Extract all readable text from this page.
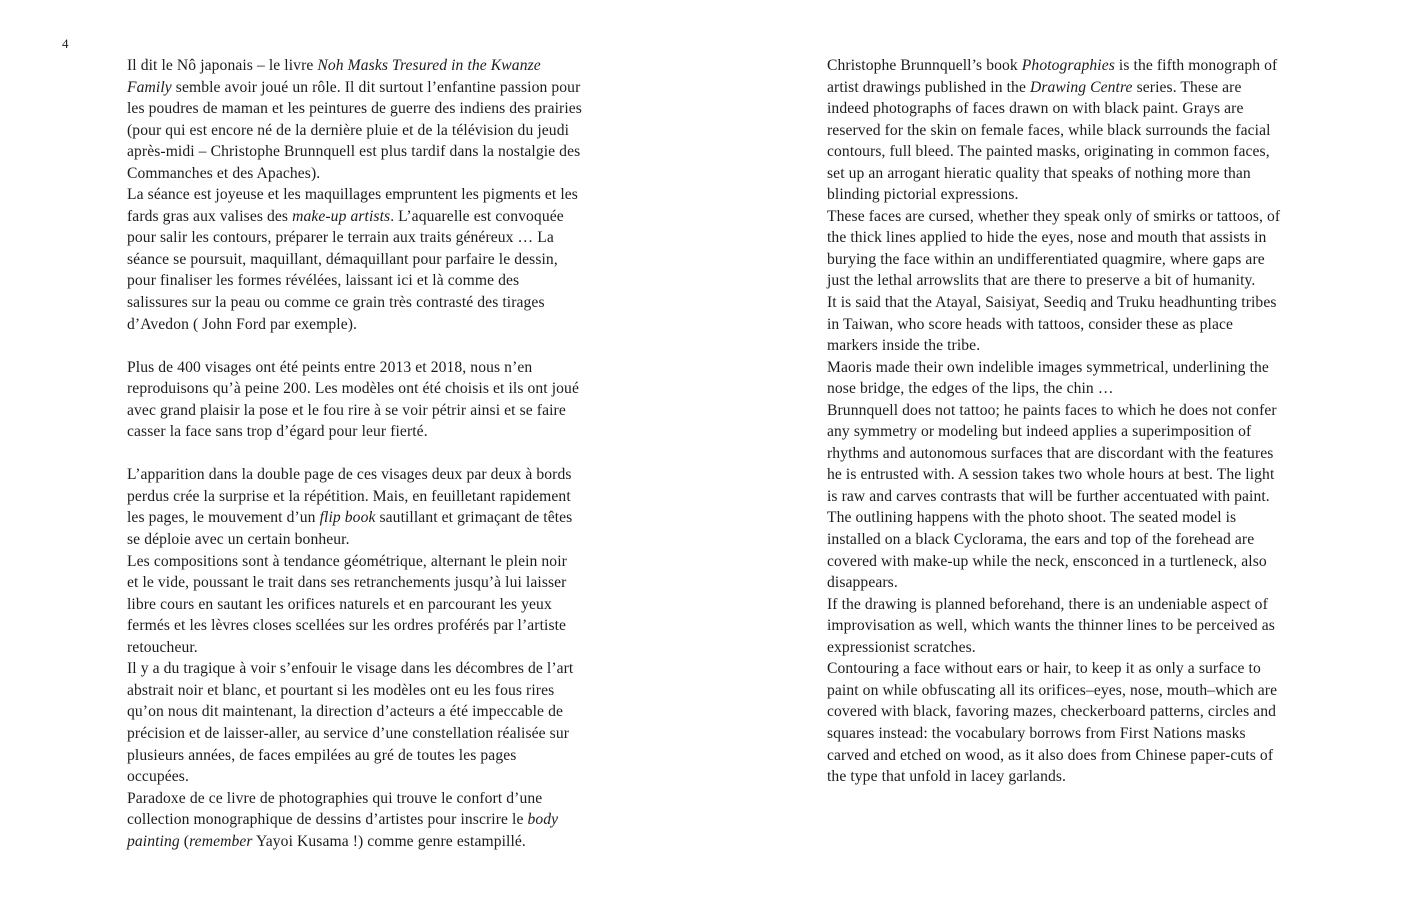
4

Il dit le Nô japonais – le livre Noh Masks Tresured in the Kwanze Family semble avoir joué un rôle. Il dit surtout l’enfantine passion pour les poudres de maman et les peintures de guerre des indiens des prairies (pour qui est encore né de la dernière pluie et de la télévision du jeudi après-midi – Christophe Brunnquell est plus tardif dans la nostalgie des Commanches et des Apaches).

La séance est joyeuse et les maquillages empruntent les pigments et les fards gras aux valises des make-up artists. L’aquarelle est convoquée pour salir les contours, préparer le terrain aux traits généreux … La séance se poursuit, maquillant, démaquillant pour parfaire le dessin, pour finaliser les formes révélées, laissant ici et là comme des salissures sur la peau ou comme ce grain très contrasté des tirages d’Avedon ( John Ford par exemple).

Plus de 400 visages ont été peints entre 2013 et 2018, nous n’en reproduisons qu’à peine 200. Les modèles ont été choisis et ils ont joué avec grand plaisir la pose et le fou rire à se voir pétrir ainsi et se faire casser la face sans trop d’égard pour leur fierté.

L’apparition dans la double page de ces visages deux par deux à bords perdus crée la surprise et la répétition. Mais, en feuilletant rapidement les pages, le mouvement d’un flip book sautillant et grimaçant de têtes se déploie avec un certain bonheur.

Les compositions sont à tendance géométrique, alternant le plein noir et le vide, poussant le trait dans ses retranchements jusqu’à lui laisser libre cours en sautant les orifices naturels et en parcourant les yeux fermés et les lèvres closes scellées sur les ordres proférés par l’artiste retoucheur.

Il y a du tragique à voir s’enfouir le visage dans les décombres de l’art abstrait noir et blanc, et pourtant si les modèles ont eu les fous rires qu’on nous dit maintenant, la direction d’acteurs a été impeccable de précision et de laisser-aller, au service d’une constellation réalisée sur plusieurs années, de faces empilées au gré de toutes les pages occupées.

Paradoxe de ce livre de photographies qui trouve le confort d’une collection monographique de dessins d’artistes pour inscrire le body painting (remember Yayoi Kusama !) comme genre estampillé.

Christophe Brunnquell’s book Photographies is the fifth monograph of artist drawings published in the Drawing Centre series. These are indeed photographs of faces drawn on with black paint. Grays are reserved for the skin on female faces, while black surrounds the facial contours, full bleed. The painted masks, originating in common faces, set up an arrogant hieratic quality that speaks of nothing more than blinding pictorial expressions.

These faces are cursed, whether they speak only of smirks or tattoos, of the thick lines applied to hide the eyes, nose and mouth that assists in burying the face within an undifferentiated quagmire, where gaps are just the lethal arrowslits that are there to preserve a bit of humanity.

It is said that the Atayal, Saisiyat, Seediq and Truku headhunting tribes in Taiwan, who score heads with tattoos, consider these as place markers inside the tribe.

Maoris made their own indelible images symmetrical, underlining the nose bridge, the edges of the lips, the chin …

Brunnquell does not tattoo; he paints faces to which he does not confer any symmetry or modeling but indeed applies a superimposition of rhythms and autonomous surfaces that are discordant with the features he is entrusted with. A session takes two whole hours at best. The light is raw and carves contrasts that will be further accentuated with paint.

The outlining happens with the photo shoot. The seated model is installed on a black Cyclorama, the ears and top of the forehead are covered with make-up while the neck, ensconced in a turtleneck, also disappears.

If the drawing is planned beforehand, there is an undeniable aspect of improvisation as well, which wants the thinner lines to be perceived as expressionist scratches.

Contouring a face without ears or hair, to keep it as only a surface to paint on while obfuscating all its orifices–eyes, nose, mouth–which are covered with black, favoring mazes, checkerboard patterns, circles and squares instead: the vocabulary borrows from First Nations masks carved and etched on wood, as it also does from Chinese paper-cuts of the type that unfold in lacey garlands.
